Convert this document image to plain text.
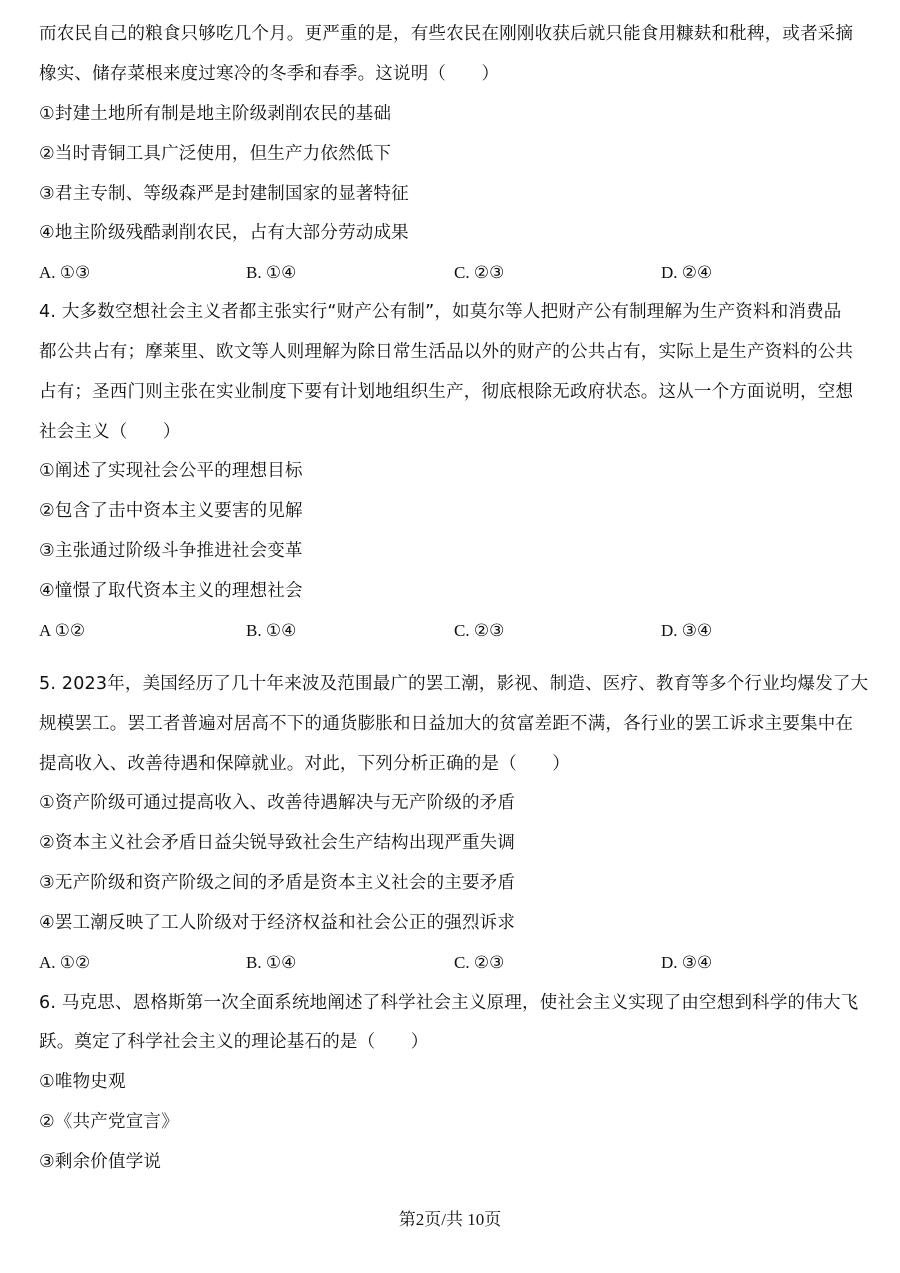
而农民自己的粮食只够吃几个月。更严重的是，有些农民在刚刚收获后就只能食用糠麸和秕稗，或者采摘
橡实、储存菜根来度过寒冷的冬季和春季。这说明（　　）
①封建土地所有制是地主阶级剥削农民的基础
②当时青铜工具广泛使用，但生产力依然低下
③君主专制、等级森严是封建制国家的显著特征
④地主阶级残酷剥削农民，占有大部分劳动成果
A. ①③	B. ①④	C. ②③	D. ②④
4. 大多数空想社会主义者都主张实行“财产公有制”，如莫尔等人把财产公有制理解为生产资料和消费品
都公共占有；摩莱里、欧文等人则理解为除日常生活品以外的财产的公共占有，实际上是生产资料的公共
占有；圣西门则主张在实业制度下要有计划地组织生产，彻底根除无政府状态。这从一个方面说明，空想
社会主义（　　）
①阐述了实现社会公平的理想目标
②包含了击中资本主义要害的见解
③主张通过阶级斗争推进社会变革
④憧憬了取代资本主义的理想社会
A ①②	B. ①④	C. ②③	D. ③④
5. 2023年，美国经历了几十年来波及范围最广的罢工潮，影视、制造、医疗、教育等多个行业均爆发了大
规模罢工。罢工者普遍对居高不下的通货膨胀和日益加大的贫富差距不满，各行业的罢工诉求主要集中在
提高收入、改善待遇和保障就业。对此，下列分析正确的是（　　）
①资产阶级可通过提高收入、改善待遇解决与无产阶级的矛盾
②资本主义社会矛盾日益尖锐导致社会生产结构出现严重失调
③无产阶级和资产阶级之间的矛盾是资本主义社会的主要矛盾
④罢工潮反映了工人阶级对于经济权益和社会公正的强烈诉求
A. ①②	B. ①④	C. ②③	D. ③④
6. 马克思、恩格斯第一次全面系统地阐述了科学社会主义原理，使社会主义实现了由空想到科学的伟大飞
跃。奠定了科学社会主义的理论基石的是（　　）
①唯物史观
②《共产党宣言》
③剩余价值学说
第2页/共 10页
